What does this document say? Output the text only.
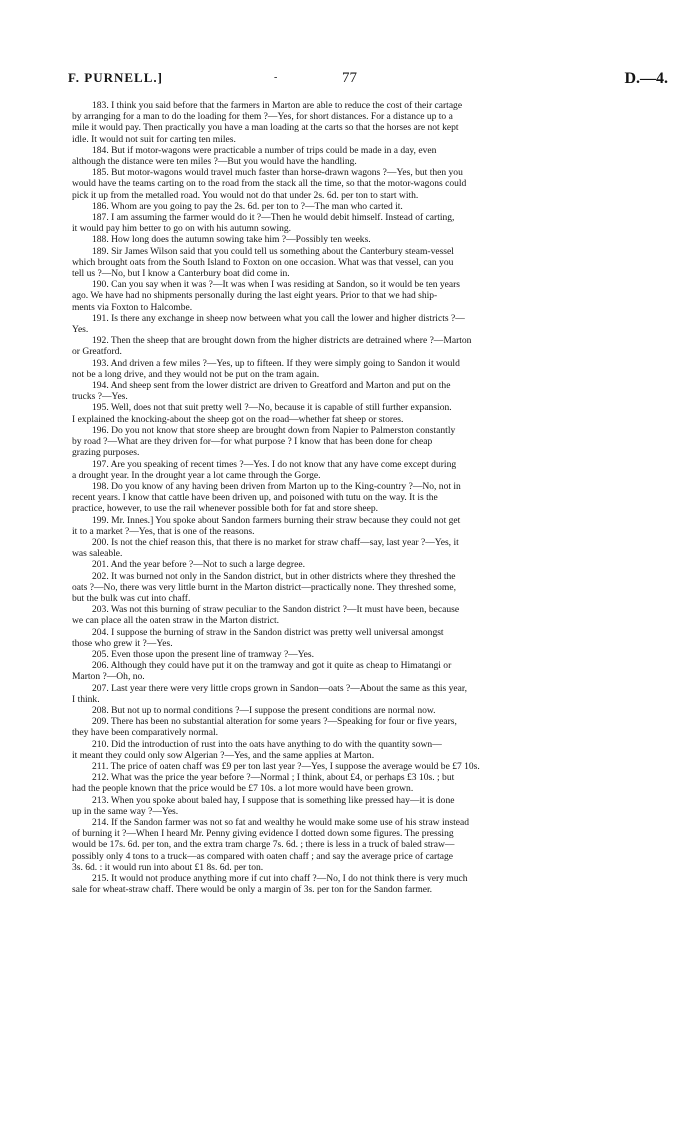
F. PURNELL.]	-	77	D.—4.

183. I think you said before that the farmers in Marton are able to reduce the cost of their cartage
by arranging for a man to do the loading for them ?—Yes, for short distances. For a distance up to a
mile it would pay. Then practically you have a man loading at the carts so that the horses are not kept
idle. It would not suit for carting ten miles.

184. But if motor-wagons were practicable a number of trips could be made in a day, even
although the distance were ten miles ?—But you would have the handling.

185. But motor-wagons would travel much faster than horse-drawn wagons ?—Yes, but then you
would have the teams carting on to the road from the stack all the time, so that the motor-wagons could
pick it up from the metalled road. You would not do that under 2s. 6d. per ton to start with.

186. Whom are you going to pay the 2s. 6d. per ton to ?—The man who carted it.

187. I am assuming the farmer would do it ?—Then he would debit himself. Instead of carting,
it would pay him better to go on with his autumn sowing.

188. How long does the autumn sowing take him ?—Possibly ten weeks.

189. Sir James Wilson said that you could tell us something about the Canterbury steam-vessel
which brought oats from the South Island to Foxton on one occasion. What was that vessel, can you
tell us ?—No, but I know a Canterbury boat did come in.

190. Can you say when it was ?—It was when I was residing at Sandon, so it would be ten years
ago. We have had no shipments personally during the last eight years. Prior to that we had ship-
ments via Foxton to Halcombe.

191. Is there any exchange in sheep now between what you call the lower and higher districts ?—
Yes.

192. Then the sheep that are brought down from the higher districts are detrained where ?—Marton
or Greatford.

193. And driven a few miles ?—Yes, up to fifteen. If they were simply going to Sandon it would
not be a long drive, and they would not be put on the tram again.

194. And sheep sent from the lower district are driven to Greatford and Marton and put on the
trucks ?—Yes.

195. Well, does not that suit pretty well ?—No, because it is capable of still further expansion.
I explained the knocking-about the sheep got on the road—whether fat sheep or stores.

196. Do you not know that store sheep are brought down from Napier to Palmerston constantly
by road ?—What are they driven for—for what purpose ? I know that has been done for cheap
grazing purposes.

197. Are you speaking of recent times ?—Yes. I do not know that any have come except during
a drought year. In the drought year a lot came through the Gorge.

198. Do you know of any having been driven from Marton up to the King-country ?—No, not in
recent years. I know that cattle have been driven up, and poisoned with tutu on the way. It is the
practice, however, to use the rail whenever possible both for fat and store sheep.

199. Mr. Innes.] You spoke about Sandon farmers burning their straw because they could not get
it to a market ?—Yes, that is one of the reasons.

200. Is not the chief reason this, that there is no market for straw chaff—say, last year ?—Yes, it
was saleable.

201. And the year before ?—Not to such a large degree.

202. It was burned not only in the Sandon district, but in other districts where they threshed the
oats ?—No, there was very little burnt in the Marton district—practically none. They threshed some,
but the bulk was cut into chaff.

203. Was not this burning of straw peculiar to the Sandon district ?—It must have been, because
we can place all the oaten straw in the Marton district.

204. I suppose the burning of straw in the Sandon district was pretty well universal amongst
those who grew it ?—Yes.

205. Even those upon the present line of tramway ?—Yes.

206. Although they could have put it on the tramway and got it quite as cheap to Himatangi or
Marton ?—Oh, no.

207. Last year there were very little crops grown in Sandon—oats ?—About the same as this year,
I think.

208. But not up to normal conditions ?—I suppose the present conditions are normal now.

209. There has been no substantial alteration for some years ?—Speaking for four or five years,
they have been comparatively normal.

210. Did the introduction of rust into the oats have anything to do with the quantity sown—
it meant they could only sow Algerian ?—Yes, and the same applies at Marton.

211. The price of oaten chaff was £9 per ton last year ?—Yes, I suppose the average would be £7 10s.

212. What was the price the year before ?—Normal ; I think, about £4, or perhaps £3 10s. ; but
had the people known that the price would be £7 10s. a lot more would have been grown.

213. When you spoke about baled hay, I suppose that is something like pressed hay—it is done
up in the same way ?—Yes.

214. If the Sandon farmer was not so fat and wealthy he would make some use of his straw instead
of burning it ?—When I heard Mr. Penny giving evidence I dotted down some figures. The pressing
would be 17s. 6d. per ton, and the extra tram charge 7s. 6d. ; there is less in a truck of baled straw—
possibly only 4 tons to a truck—as compared with oaten chaff ; and say the average price of cartage
3s. 6d. : it would run into about £1 8s. 6d. per ton.

215. It would not produce anything more if cut into chaff ?—No, I do not think there is very much
sale for wheat-straw chaff. There would be only a margin of 3s. per ton for the Sandon farmer.
